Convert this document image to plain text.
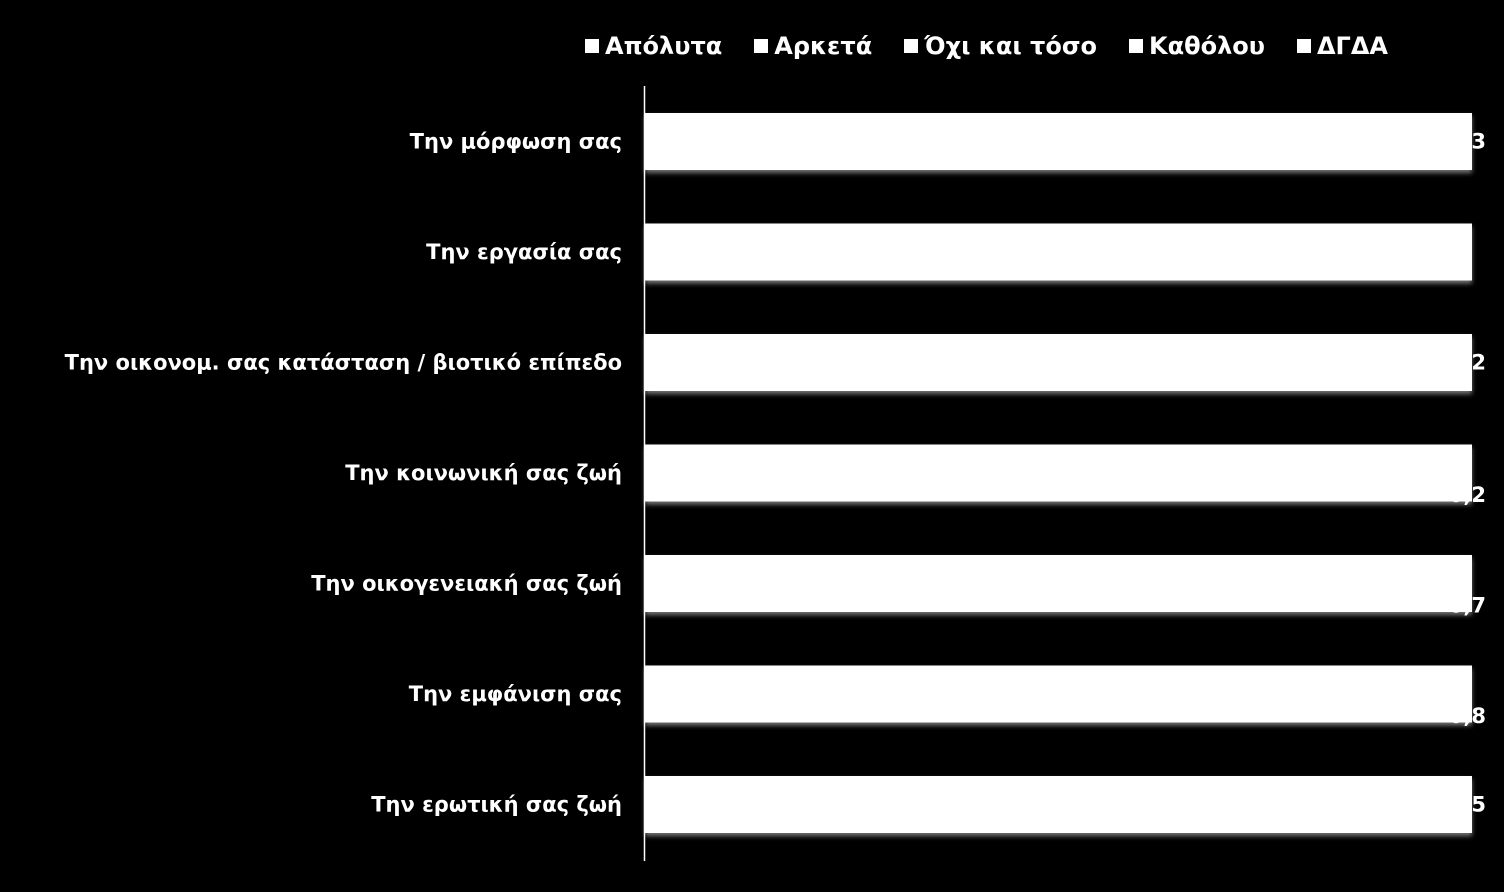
Απόλυτα Αρκετά Όχι και τόσο Καθόλου ΔΓΔΑ
Την μόρφωση σας
Την εργασία σας
Την οικονομ. σας κατάσταση / βιοτικό επίπεδο
Την κοινωνική σας ζωή
Την οικογενειακή σας ζωή
Την εμφάνιση σας
Την ερωτική σας ζωή
3
2
0,2
0,7
0,8
5
